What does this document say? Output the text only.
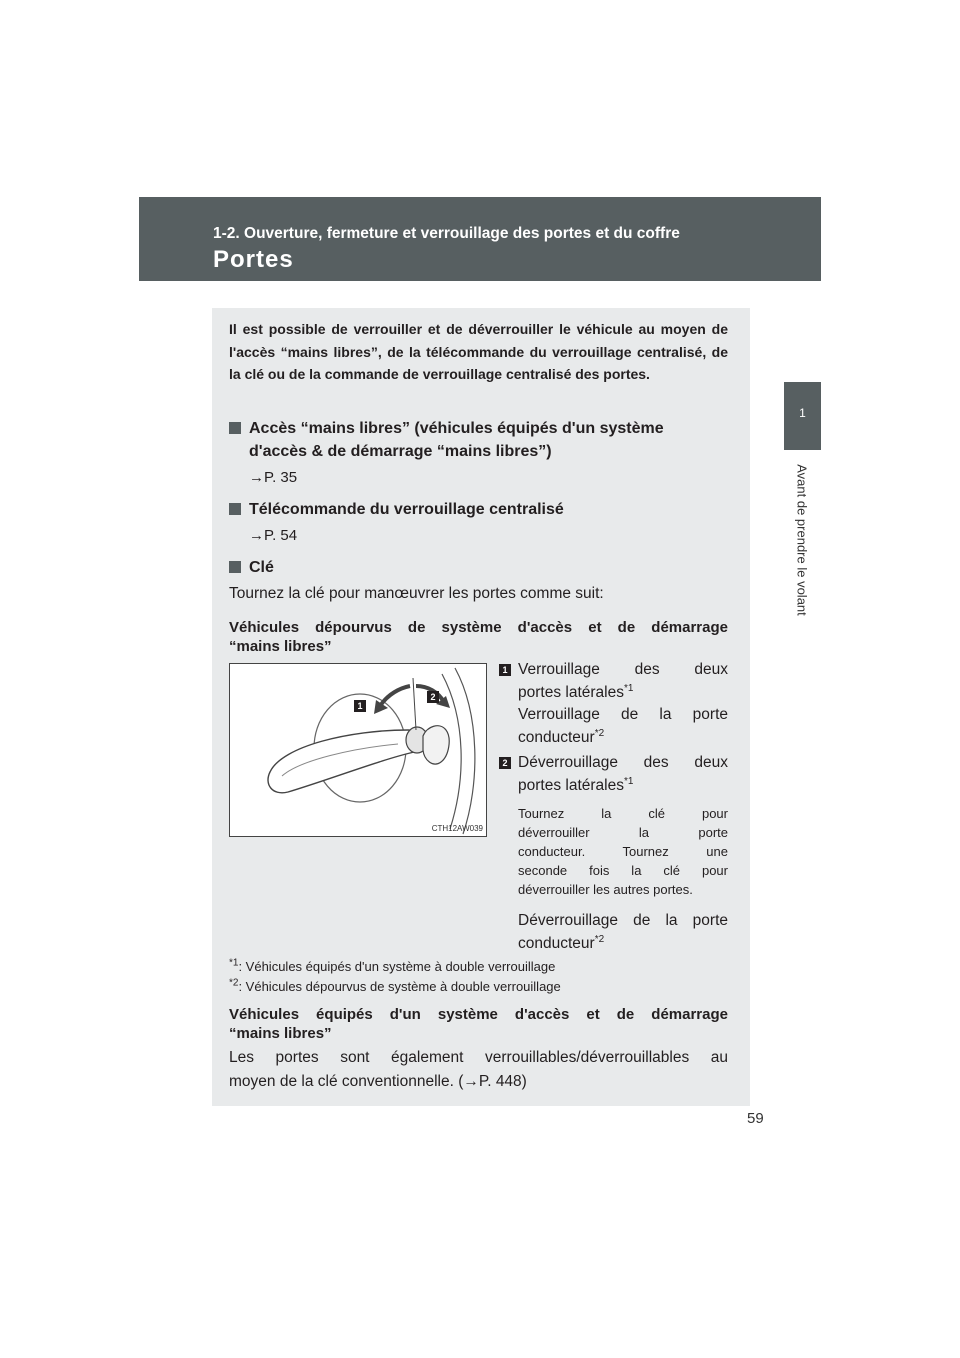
1-2. Ouverture, fermeture et verrouillage des portes et du coffre
Portes
1
Avant de prendre le volant
59
Il est possible de verrouiller et de déverrouiller le véhicule au moyen de l'accès “mains libres”, de la télécommande du verrouillage centralisé, de la clé ou de la commande de verrouillage centralisé des portes.
Accès “mains libres” (véhicules équipés d'un système
d'accès & de démarrage “mains libres”)
→P. 35
Télécommande du verrouillage centralisé
→P. 54
Clé
Tournez la clé pour manœuvrer les portes comme suit:
Véhicules dépourvus de système d'accès et de démarrage
“mains libres”
1
2
CTH12AW039
1 Verrouillage des deux
portes latérales$^{*1}$
Verrouillage de la porte
conducteur$^{*2}$
2 Déverrouillage des deux
portes latérales$^{*1}$
Tournez la clé pour
déverrouiller la porte
conducteur. Tournez une
seconde fois la clé pour
déverrouiller les autres portes.
Déverrouillage de la porte
conducteur$^{*2}$
$^{*1}$: Véhicules équipés d'un système à double verrouillage
$^{*2}$: Véhicules dépourvus de système à double verrouillage
Véhicules équipés d'un système d'accès et de démarrage
“mains libres”
Les portes sont également verrouillables/déverrouillables au
moyen de la clé conventionnelle. (→P. 448)
